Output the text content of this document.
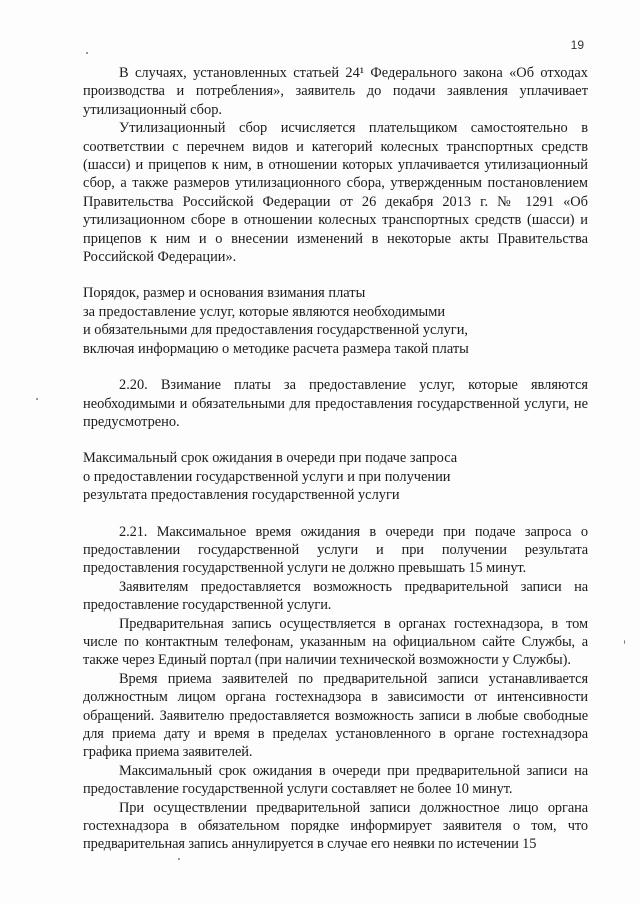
19

В случаях, установленных статьей 24¹ Федерального закона «Об отходах производства и потребления», заявитель до подачи заявления уплачивает утилизационный сбор.

Утилизационный сбор исчисляется плательщиком самостоятельно в соответствии с перечнем видов и категорий колесных транспортных средств (шасси) и прицепов к ним, в отношении которых уплачивается утилизационный сбор, а также размеров утилизационного сбора, утвержденным постановлением Правительства Российской Федерации от 26 декабря 2013 г. № 1291 «Об утилизационном сборе в отношении колесных транспортных средств (шасси) и прицепов к ним и о внесении изменений в некоторые акты Правительства Российской Федерации».

Порядок, размер и основания взимания платы
за предоставление услуг, которые являются необходимыми
и обязательными для предоставления государственной услуги,
включая информацию о методике расчета размера такой платы

2.20. Взимание платы за предоставление услуг, которые являются необходимыми и обязательными для предоставления государственной услуги, не предусмотрено.

Максимальный срок ожидания в очереди при подаче запроса
о предоставлении государственной услуги и при получении
результата предоставления государственной услуги

2.21. Максимальное время ожидания в очереди при подаче запроса о предоставлении государственной услуги и при получении результата предоставления государственной услуги не должно превышать 15 минут.

Заявителям предоставляется возможность предварительной записи на предоставление государственной услуги.

Предварительная запись осуществляется в органах гостехнадзора, в том числе по контактным телефонам, указанным на официальном сайте Службы, а также через Единый портал (при наличии технической возможности у Службы).

Время приема заявителей по предварительной записи устанавливается должностным лицом органа гостехнадзора в зависимости от интенсивности обращений. Заявителю предоставляется возможность записи в любые свободные для приема дату и время в пределах установленного в органе гостехнадзора графика приема заявителей.

Максимальный срок ожидания в очереди при предварительной записи на предоставление государственной услуги составляет не более 10 минут.

При осуществлении предварительной записи должностное лицо органа гостехнадзора в обязательном порядке информирует заявителя о том, что предварительная запись аннулируется в случае его неявки по истечении 15
